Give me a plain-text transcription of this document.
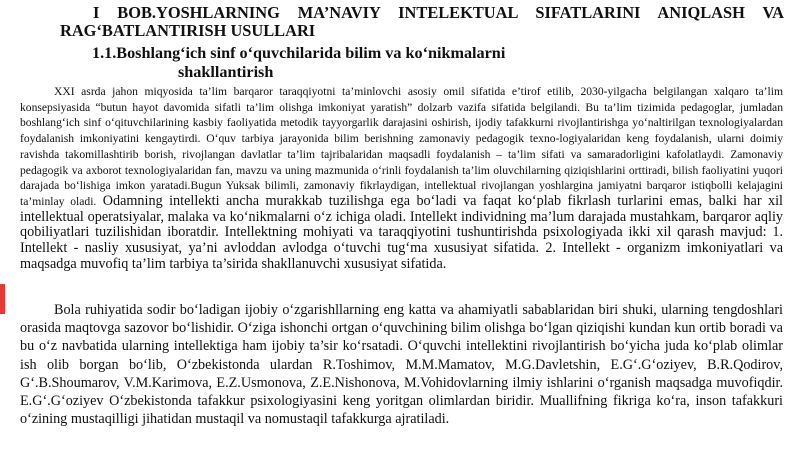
I BOB.YOSHLARNING MA’NAVIY INTELEKTUAL SIFATLARINI ANIQLASH VA RAG‘BATLANTIRISH USULLARI
1.1.Boshlang‘ich sinf o‘quvchilarida bilim va ko‘nikmalarni
shakllantirish

XXI asrda jahon miqyosida ta’lim barqaror taraqqiyotni ta’minlovchi asosiy omil sifatida e’tirof etilib, 2030-yilgacha belgilangan xalqaro ta’lim konsepsiyasida “butun hayot davomida sifatli ta’lim olishga imkoniyat yaratish” dolzarb vazifa sifatida belgilandi. Bu ta’lim tizimida pedagoglar, jumladan boshlang‘ich sinf o‘qituvchilarining kasbiy faoliyatida metodik tayyorgarlik darajasini oshirish, ijodiy tafakkurni rivojlantirishga yo‘naltirilgan texnologiyalardan foydalanish imkoniyatini kengaytirdi. O‘quv tarbiya jarayonida bilim berishning zamonaviy pedagogik texno-logiyalaridan keng foydalanish, ularni doimiy ravishda takomillashtirib borish, rivojlangan davlatlar ta’lim tajribalaridan maqsadli foydalanish – ta’lim sifati va samaradorligini kafolatlaydi. Zamonaviy pedagogik va axborot texnologiyalaridan fan, mavzu va uning mazmunida o‘rinli foydalanish ta’lim oluvchilarning qiziqishlarini orttiradi, bilish faoliyatini yuqori darajada bo‘lishiga imkon yaratadi.Bugun Yuksak bilimli, zamonaviy fikrlaydigan, intellektual rivojlangan yoshlargina jamiyatni barqaror istiqbolli kelajagini ta’minlay oladi. Odamning intellekti ancha murakkab tuzilishga ega bo‘ladi va faqat ko‘plab fikrlash turlarini emas, balki har xil intellektual operatsiyalar, malaka va ko‘nikmalarni o‘z ichiga oladi. Intellekt individning ma’lum darajada mustahkam, barqaror aqliy qobiliyatlari tuzilishidan iboratdir. Intellektning mohiyati va taraqqiyotini tushuntirishda psixologiyada ikki xil qarash mavjud: 1. Intellekt - nasliy xususiyat, ya’ni avloddan avlodga o‘tuvchi tug‘ma xususiyat sifatida. 2. Intellekt - organizm imkoniyatlari va maqsadga muvofiq ta’lim tarbiya ta’sirida shakllanuvchi xususiyat sifatida.

Bola ruhiyatida sodir bo‘ladigan ijobiy o‘zgarishllarning eng katta va ahamiyatli sabablaridan biri shuki, ularning tengdoshlari orasida maqtovga sazovor bo‘lishidir. O‘ziga ishonchi ortgan o‘quvchining bilim olishga bo‘lgan qiziqishi kundan kun ortib boradi va bu o‘z navbatida ularning intellektiga ham ijobiy ta’sir ko‘rsatadi. O‘quvchi intellektini rivojlantirish bo‘yicha juda ko‘plab olimlar ish olib borgan bo‘lib, O‘zbekistonda ulardan R.Toshimov, M.M.Mamatov, M.G.Davletshin, E.G‘.G‘oziyev, B.R.Qodirov, G‘.B.Shoumarov, V.M.Karimova, E.Z.Usmonova, Z.E.Nishonova, M.Vohidovlarning ilmiy ishlarini o‘rganish maqsadga muvofiqdir. E.G‘.G‘oziyev O‘zbekistonda tafakkur psixologiyasini keng yoritgan olimlardan biridir. Muallifning fikriga ko‘ra, inson tafakkuri o‘zining mustaqilligi jihatidan mustaqil va nomustaqil tafakkurga ajratiladi.
